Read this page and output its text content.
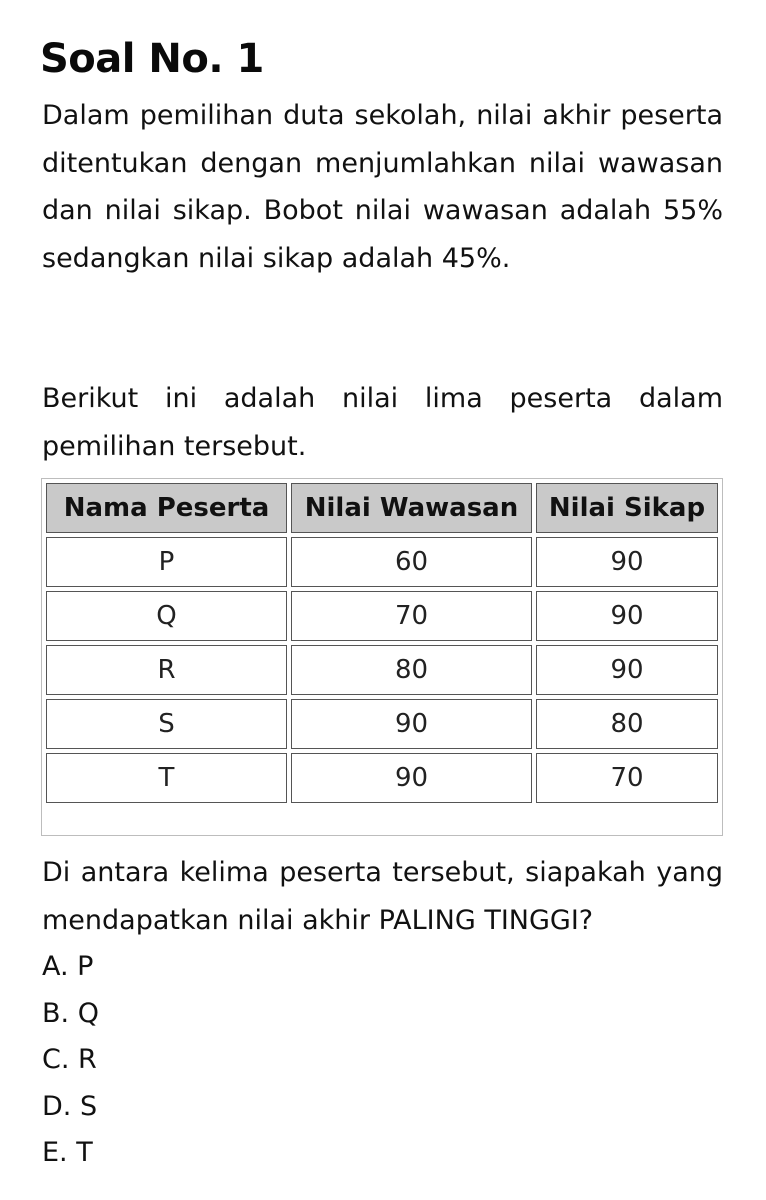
Soal No. 1

Dalam pemilihan duta sekolah, nilai akhir peserta ditentukan dengan menjumlahkan nilai wawasan dan nilai sikap. Bobot nilai wawasan adalah 55% sedangkan nilai sikap adalah 45%.

Berikut ini adalah nilai lima peserta dalam pemilihan tersebut.

Nama Peserta	Nilai Wawasan	Nilai Sikap
P	60	90
Q	70	90
R	80	90
S	90	80
T	90	70

Di antara kelima peserta tersebut, siapakah yang mendapatkan nilai akhir PALING TINGGI?

A. P
B. Q
C. R
D. S
E. T
